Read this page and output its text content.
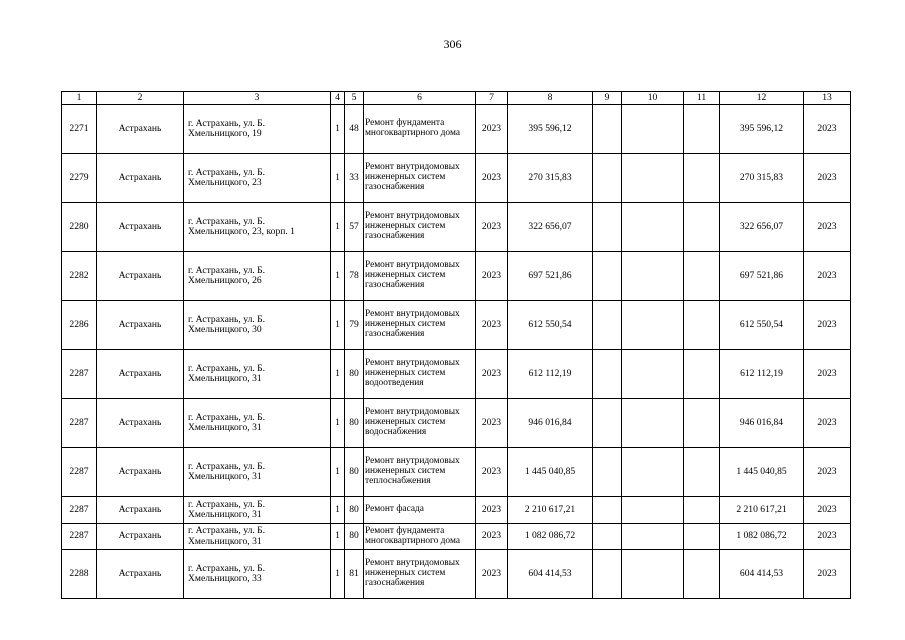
306
1	2	3	4	5	6	7	8	9	10	11	12	13
2271	Астрахань	г. Астрахань, ул. Б. Хмельницкого, 19	1	48	Ремонт фундамента многоквартирного дома	2023	395 596,12				395 596,12	2023
2279	Астрахань	г. Астрахань, ул. Б. Хмельницкого, 23	1	33	Ремонт внутридомовых инженерных систем газоснабжения	2023	270 315,83				270 315,83	2023
2280	Астрахань	г. Астрахань, ул. Б. Хмельницкого, 23, корп. 1	1	57	Ремонт внутридомовых инженерных систем газоснабжения	2023	322 656,07				322 656,07	2023
2282	Астрахань	г. Астрахань, ул. Б. Хмельницкого, 26	1	78	Ремонт внутридомовых инженерных систем газоснабжения	2023	697 521,86				697 521,86	2023
2286	Астрахань	г. Астрахань, ул. Б. Хмельницкого, 30	1	79	Ремонт внутридомовых инженерных систем газоснабжения	2023	612 550,54				612 550,54	2023
2287	Астрахань	г. Астрахань, ул. Б. Хмельницкого, 31	1	80	Ремонт внутридомовых инженерных систем водоотведения	2023	612 112,19				612 112,19	2023
2287	Астрахань	г. Астрахань, ул. Б. Хмельницкого, 31	1	80	Ремонт внутридомовых инженерных систем водоснабжения	2023	946 016,84				946 016,84	2023
2287	Астрахань	г. Астрахань, ул. Б. Хмельницкого, 31	1	80	Ремонт внутридомовых инженерных систем теплоснабжения	2023	1 445 040,85				1 445 040,85	2023
2287	Астрахань	г. Астрахань, ул. Б. Хмельницкого, 31	1	80	Ремонт фасада	2023	2 210 617,21				2 210 617,21	2023
2287	Астрахань	г. Астрахань, ул. Б. Хмельницкого, 31	1	80	Ремонт фундамента многоквартирного дома	2023	1 082 086,72				1 082 086,72	2023
2288	Астрахань	г. Астрахань, ул. Б. Хмельницкого, 33	1	81	Ремонт внутридомовых инженерных систем газоснабжения	2023	604 414,53				604 414,53	2023
